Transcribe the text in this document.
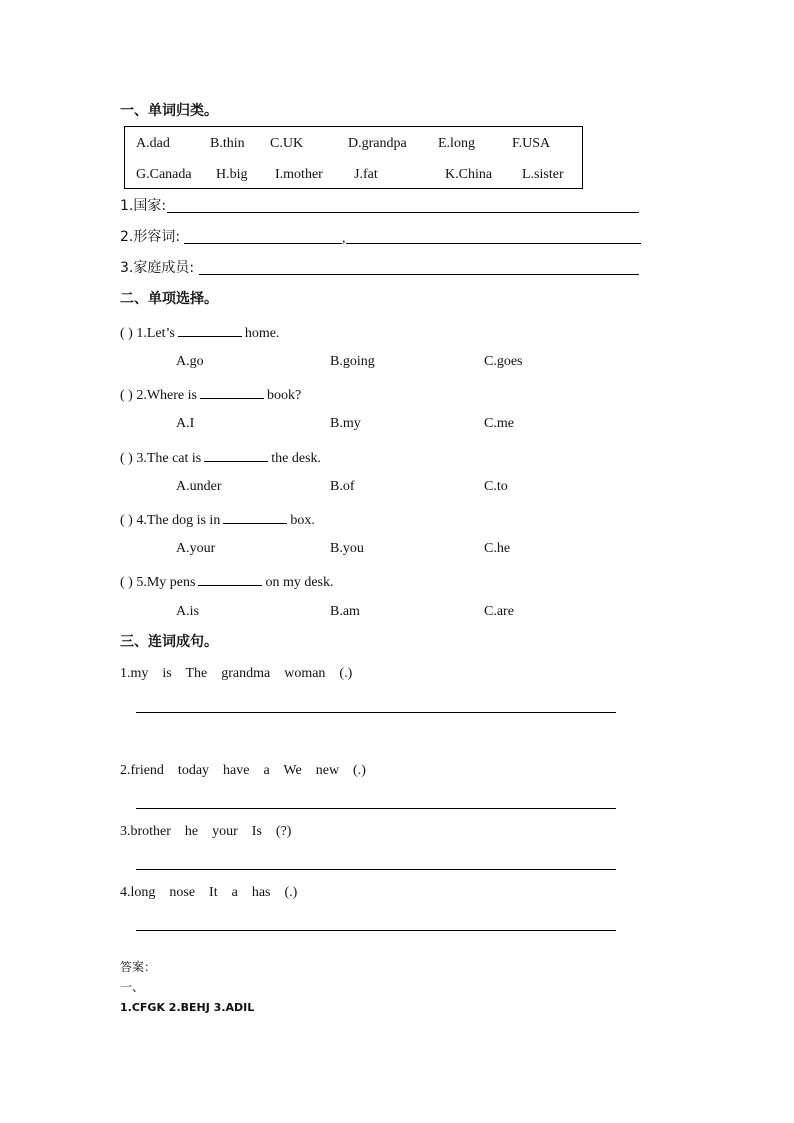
一、单词归类。
A.dad	B.thin C.UK	D.grandpa E.long	F.USA
G.Canada H.big I.mother J.fat	K.China L.sister
1.国家:
2.形容词:	,
3.家庭成员:
二、单项选择。
( ) 1.Let’s	home.
A.go	B.going	C.goes
( ) 2.Where is	book?
A.I	B.my	C.me
( ) 3.The cat is	the desk.
A.under	B.of	C.to
( ) 4.The dog is in	box.
A.your	B.you	C.he
( ) 5.My pens	on my desk.
A.is	B.am	C.are
三、连词成句。
1.my    is    The    grandma    woman    (.)
2.friend    today    have    a    We    new    (.)
3.brother    he    your    Is    (?)
4.long    nose    It    a    has    (.)
答案：
一、
1.CFGK 2.BEHJ 3.ADIL
